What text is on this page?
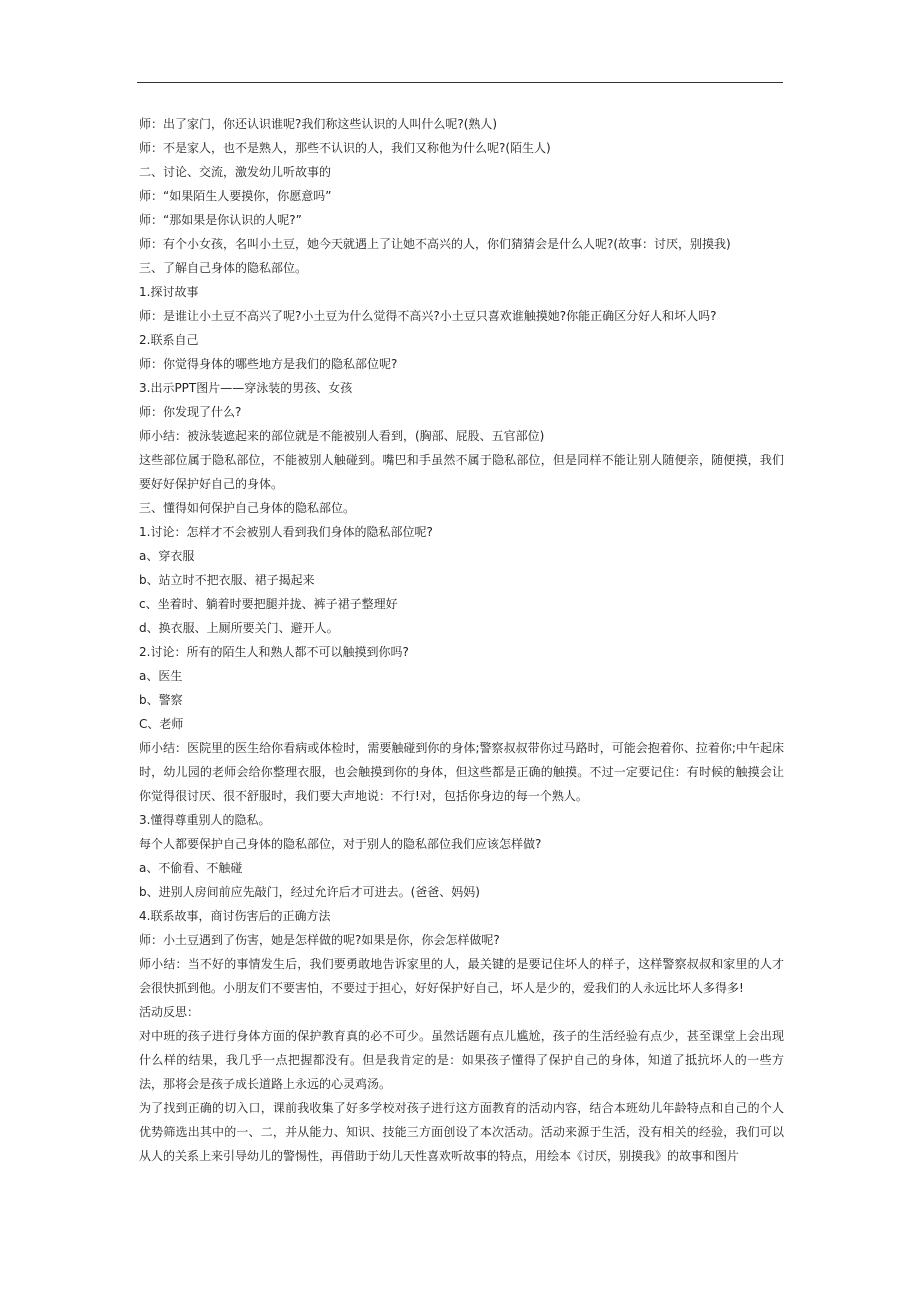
师：出了家门，你还认识谁呢?我们称这些认识的人叫什么呢?(熟人)
师：不是家人，也不是熟人，那些不认识的人，我们又称他为什么呢?(陌生人)
二、讨论、交流，激发幼儿听故事的
师：“如果陌生人要摸你，你愿意吗”
师：“那如果是你认识的人呢?”
师：有个小女孩，名叫小土豆，她今天就遇上了让她不高兴的人，你们猜猜会是什么人呢?(故事：讨厌，别摸我)
三、了解自己身体的隐私部位。
1.探讨故事
师：是谁让小土豆不高兴了呢?小土豆为什么觉得不高兴?小土豆只喜欢谁触摸她?你能正确区分好人和坏人吗?
2.联系自己
师：你觉得身体的哪些地方是我们的隐私部位呢?
3.出示PPT图片——穿泳装的男孩、女孩
师：你发现了什么?
师小结：被泳装遮起来的部位就是不能被别人看到，(胸部、屁股、五官部位)
这些部位属于隐私部位，不能被别人触碰到。嘴巴和手虽然不属于隐私部位，但是同样不能让别人随便亲，随便摸，我们要好好保护好自己的身体。
三、懂得如何保护自己身体的隐私部位。
1.讨论：怎样才不会被别人看到我们身体的隐私部位呢?
a、穿衣服
b、站立时不把衣服、裙子揭起来
c、坐着时、躺着时要把腿并拢、裤子裙子整理好
d、换衣服、上厕所要关门、避开人。
2.讨论：所有的陌生人和熟人都不可以触摸到你吗?
a、医生
b、警察
C、老师
师小结：医院里的医生给你看病或体检时，需要触碰到你的身体;警察叔叔带你过马路时，可能会抱着你、拉着你;中午起床时，幼儿园的老师会给你整理衣服，也会触摸到你的身体，但这些都是正确的触摸。不过一定要记住：有时候的触摸会让你觉得很讨厌、很不舒服时，我们要大声地说：不行!对，包括你身边的每一个熟人。
3.懂得尊重别人的隐私。
每个人都要保护自己身体的隐私部位，对于别人的隐私部位我们应该怎样做?
a、不偷看、不触碰
b、进别人房间前应先敲门，经过允许后才可进去。(爸爸、妈妈)
4.联系故事，商讨伤害后的正确方法
师：小土豆遇到了伤害，她是怎样做的呢?如果是你，你会怎样做呢?
师小结：当不好的事情发生后，我们要勇敢地告诉家里的人，最关键的是要记住坏人的样子，这样警察叔叔和家里的人才会很快抓到他。小朋友们不要害怕，不要过于担心，好好保护好自己，坏人是少的，爱我们的人永远比坏人多得多!
活动反思：
对中班的孩子进行身体方面的保护教育真的必不可少。虽然话题有点儿尴尬，孩子的生活经验有点少，甚至课堂上会出现什么样的结果，我几乎一点把握都没有。但是我肯定的是：如果孩子懂得了保护自己的身体，知道了抵抗坏人的一些方法，那将会是孩子成长道路上永远的心灵鸡汤。
为了找到正确的切入口，课前我收集了好多学校对孩子进行这方面教育的活动内容，结合本班幼儿年龄特点和自己的个人优势筛选出其中的一、二，并从能力、知识、技能三方面创设了本次活动。活动来源于生活，没有相关的经验，我们可以从人的关系上来引导幼儿的警惕性，再借助于幼儿天性喜欢听故事的特点，用绘本《讨厌，别摸我》的故事和图片
